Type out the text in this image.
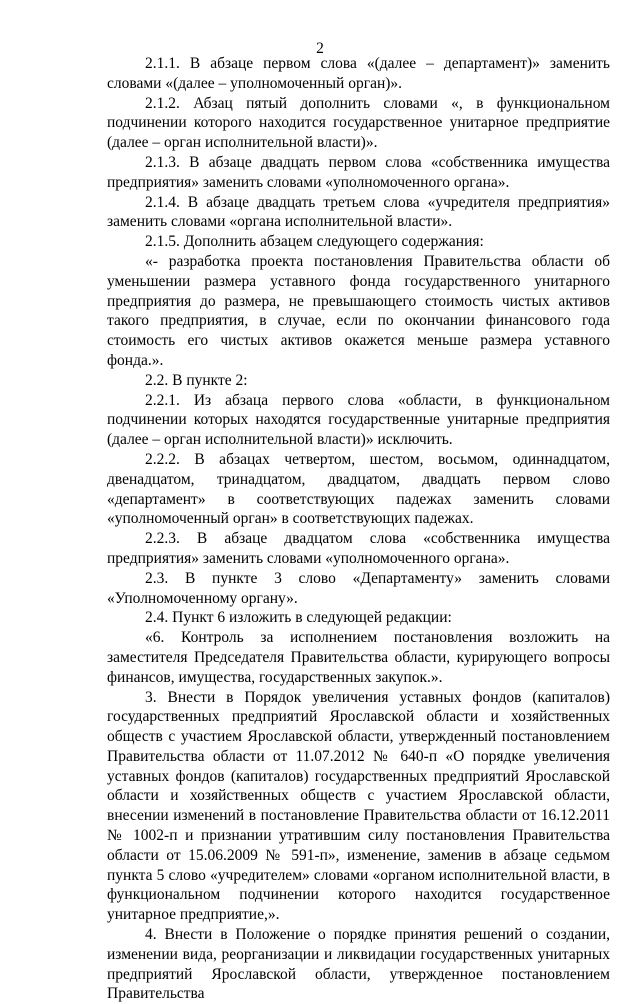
2

2.1.1. В абзаце первом слова «(далее – департамент)» заменить словами «(далее – уполномоченный орган)».

2.1.2. Абзац пятый дополнить словами «, в функциональном подчинении которого находится государственное унитарное предприятие (далее – орган исполнительной власти)».

2.1.3. В абзаце двадцать первом слова «собственника имущества предприятия» заменить словами «уполномоченного органа».

2.1.4. В абзаце двадцать третьем слова «учредителя предприятия» заменить словами «органа исполнительной власти».

2.1.5. Дополнить абзацем следующего содержания:

«- разработка проекта постановления Правительства области об уменьшении размера уставного фонда государственного унитарного предприятия до размера, не превышающего стоимость чистых активов такого предприятия, в случае, если по окончании финансового года стоимость его чистых активов окажется меньше размера уставного фонда.».

2.2. В пункте 2:

2.2.1. Из абзаца первого слова «области, в функциональном подчинении которых находятся государственные унитарные предприятия (далее – орган исполнительной власти)» исключить.

2.2.2. В абзацах четвертом, шестом, восьмом, одиннадцатом, двенадцатом, тринадцатом, двадцатом, двадцать первом слово «департамент» в соответствующих падежах заменить словами «уполномоченный орган» в соответствующих падежах.

2.2.3. В абзаце двадцатом слова «собственника имущества предприятия» заменить словами «уполномоченного органа».

2.3. В пункте 3 слово «Департаменту» заменить словами «Уполномоченному органу».

2.4. Пункт 6 изложить в следующей редакции:

«6. Контроль за исполнением постановления возложить на заместителя Председателя Правительства области, курирующего вопросы финансов, имущества, государственных закупок.».

3. Внести в Порядок увеличения уставных фондов (капиталов) государственных предприятий Ярославской области и хозяйственных обществ с участием Ярославской области, утвержденный постановлением Правительства области от 11.07.2012 № 640-п «О порядке увеличения уставных фондов (капиталов) государственных предприятий Ярославской области и хозяйственных обществ с участием Ярославской области, внесении изменений в постановление Правительства области от 16.12.2011 № 1002-п и признании утратившим силу постановления Правительства области от 15.06.2009 № 591-п», изменение, заменив в абзаце седьмом пункта 5 слово «учредителем» словами «органом исполнительной власти, в функциональном подчинении которого находится государственное унитарное предприятие,».

4. Внести в Положение о порядке принятия решений о создании, изменении вида, реорганизации и ликвидации государственных унитарных предприятий Ярославской области, утвержденное постановлением Правительства
